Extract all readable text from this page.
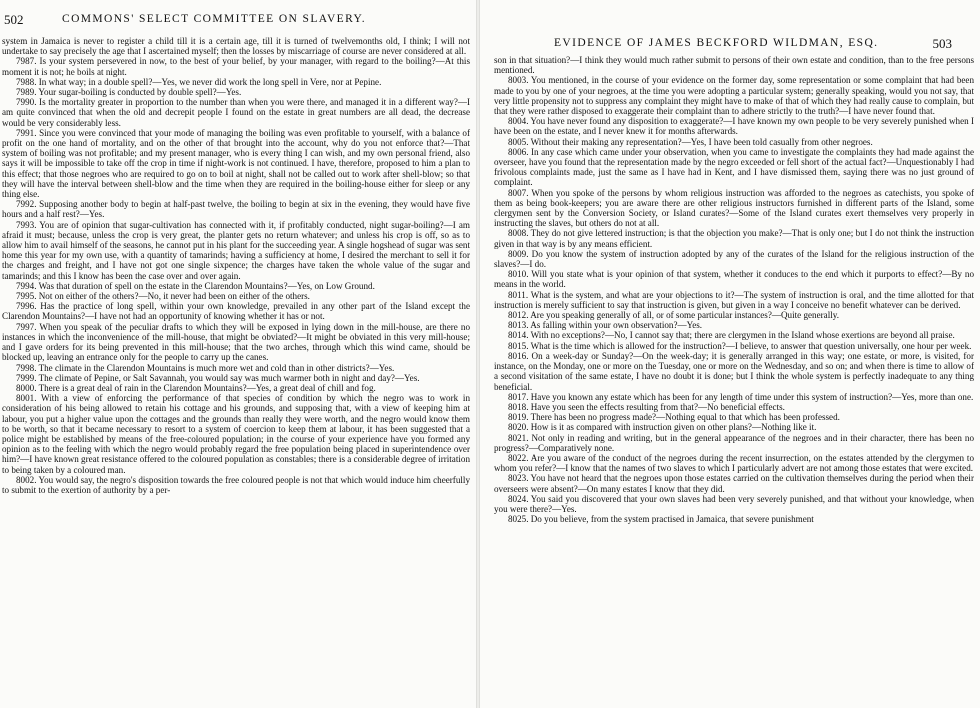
502	COMMONS' SELECT COMMITTEE ON SLAVERY.

system in Jamaica is never to register a child till it is a certain age, till it is turned of twelvemonths old, I think; I will not undertake to say precisely the age that I ascertained myself; then the losses by miscarriage of course are never considered at all.

7987. Is your system persevered in now, to the best of your belief, by your manager, with regard to the boiling?—At this moment it is not; he boils at night.

7988. In what way; in a double spell?—Yes, we never did work the long spell in Vere, nor at Pepine.

7989. Your sugar-boiling is conducted by double spell?—Yes.

7990. Is the mortality greater in proportion to the number than when you were there, and managed it in a different way?—I am quite convinced that when the old and decrepit people I found on the estate in great numbers are all dead, the decrease would be very considerably less.

7991. Since you were convinced that your mode of managing the boiling was even profitable to yourself, with a balance of profit on the one hand of mortality, and on the other of that brought into the account, why do you not enforce that?—That system of boiling was not profitable; and my present manager, who is every thing I can wish, and my own personal friend, also says it will be impossible to take off the crop in time if night-work is not continued. I have, therefore, proposed to him a plan to this effect; that those negroes who are required to go on to boil at night, shall not be called out to work after shell-blow; so that they will have the interval between shell-blow and the time when they are required in the boiling-house either for sleep or any thing else.

7992. Supposing another body to begin at half-past twelve, the boiling to begin at six in the evening, they would have five hours and a half rest?—Yes.

7993. You are of opinion that sugar-cultivation has connected with it, if profitably conducted, night sugar-boiling?—I am afraid it must; because, unless the crop is very great, the planter gets no return whatever; and unless his crop is off, so as to allow him to avail himself of the seasons, he cannot put in his plant for the succeeding year. A single hogshead of sugar was sent home this year for my own use, with a quantity of tamarinds; having a sufficiency at home, I desired the merchant to sell it for the charges and freight, and I have not got one single sixpence; the charges have taken the whole value of the sugar and tamarinds; and this I know has been the case over and over again.

7994. Was that duration of spell on the estate in the Clarendon Mountains?—Yes, on Low Ground.

7995. Not on either of the others?—No, it never had been on either of the others.

7996. Has the practice of long spell, within your own knowledge, prevailed in any other part of the Island except the Clarendon Mountains?—I have not had an opportunity of knowing whether it has or not.

7997. When you speak of the peculiar drafts to which they will be exposed in lying down in the mill-house, are there no instances in which the inconvenience of the mill-house, that might be obviated?—It might be obviated in this very mill-house; and I gave orders for its being prevented in this mill-house; that the two arches, through which this wind came, should be blocked up, leaving an entrance only for the people to carry up the canes.

7998. The climate in the Clarendon Mountains is much more wet and cold than in other districts?—Yes.

7999. The climate of Pepine, or Salt Savannah, you would say was much warmer both in night and day?—Yes.

8000. There is a great deal of rain in the Clarendon Mountains?—Yes, a great deal of chill and fog.

8001. With a view of enforcing the performance of that species of condition by which the negro was to work in consideration of his being allowed to retain his cottage and his grounds, and supposing that, with a view of keeping him at labour, you put a higher value upon the cottages and the grounds than really they were worth, and the negro would know them to be worth, so that it became necessary to resort to a system of coercion to keep them at labour, it has been suggested that a police might be established by means of the free-coloured population; in the course of your experience have you formed any opinion as to the feeling with which the negro would probably regard the free population being placed in superintendence over him?—I have known great resistance offered to the coloured population as constables; there is a considerable degree of irritation to being taken by a coloured man.

8002. You would say, the negro's disposition towards the free coloured people is not that which would induce him cheerfully to submit to the exertion of authority by a per-

EVIDENCE OF JAMES BECKFORD WILDMAN, ESQ.	503

son in that situation?—I think they would much rather submit to persons of their own estate and condition, than to the free persons mentioned.

8003. You mentioned, in the course of your evidence on the former day, some representation or some complaint that had been made to you by one of your negroes, at the time you were adopting a particular system; generally speaking, would you not say, that very little propensity not to suppress any complaint they might have to make of that of which they had really cause to complain, but that they were rather disposed to exaggerate their complaint than to adhere strictly to the truth?—I have never found that.

8004. You have never found any disposition to exaggerate?—I have known my own people to be very severely punished when I have been on the estate, and I never knew it for months afterwards.

8005. Without their making any representation?—Yes, I have been told casually from other negroes.

8006. In any case which came under your observation, when you came to investigate the complaints they had made against the overseer, have you found that the representation made by the negro exceeded or fell short of the actual fact?—Unquestionably I had frivolous complaints made, just the same as I have had in Kent, and I have dismissed them, saying there was no just ground of complaint.

8007. When you spoke of the persons by whom religious instruction was afforded to the negroes as catechists, you spoke of them as being book-keepers; you are aware there are other religious instructors furnished in different parts of the Island, some clergymen sent by the Conversion Society, or Island curates?—Some of the Island curates exert themselves very properly in instructing the slaves, but others do not at all.

8008. They do not give lettered instruction; is that the objection you make?—That is only one; but I do not think the instruction given in that way is by any means efficient.

8009. Do you know the system of instruction adopted by any of the curates of the Island for the religious instruction of the slaves?—I do.

8010. Will you state what is your opinion of that system, whether it conduces to the end which it purports to effect?—By no means in the world.

8011. What is the system, and what are your objections to it?—The system of instruction is oral, and the time allotted for that instruction is merely sufficient to say that instruction is given, but given in a way I conceive no benefit whatever can be derived.

8012. Are you speaking generally of all, or of some particular instances?—Quite generally.

8013. As falling within your own observation?—Yes.

8014. With no exceptions?—No, I cannot say that; there are clergymen in the Island whose exertions are beyond all praise.

8015. What is the time which is allowed for the instruction?—I believe, to answer that question universally, one hour per week.

8016. On a week-day or Sunday?—On the week-day; it is generally arranged in this way; one estate, or more, is visited, for instance, on the Monday, one or more on the Tuesday, one or more on the Wednesday, and so on; and when there is time to allow of a second visitation of the same estate, I have no doubt it is done; but I think the whole system is perfectly inadequate to any thing beneficial.

8017. Have you known any estate which has been for any length of time under this system of instruction?—Yes, more than one.

8018. Have you seen the effects resulting from that?—No beneficial effects.

8019. There has been no progress made?—Nothing equal to that which has been professed.

8020. How is it as compared with instruction given on other plans?—Nothing like it.

8021. Not only in reading and writing, but in the general appearance of the negroes and in their character, there has been no progress?—Comparatively none.

8022. Are you aware of the conduct of the negroes during the recent insurrection, on the estates attended by the clergymen to whom you refer?—I know that the names of two slaves to which I particularly advert are not among those estates that were excited.

8023. You have not heard that the negroes upon those estates carried on the cultivation themselves during the period when their overseers were absent?—On many estates I know that they did.

8024. You said you discovered that your own slaves had been very severely punished, and that without your knowledge, when you were there?—Yes.

8025. Do you believe, from the system practised in Jamaica, that severe punishment
